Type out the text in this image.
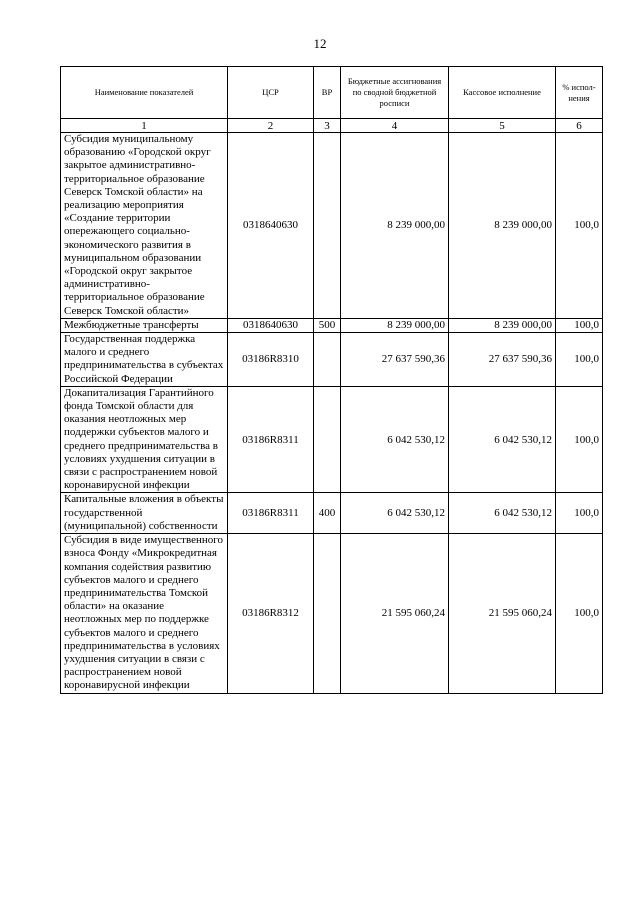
12
Наименование показателей	ЦСР	ВР	Бюджетные ассигнования по сводной бюджетной росписи	Кассовое исполнение	% испол-нения
1	2	3	4	5	6
Субсидия муниципальному образованию «Городской округ закрытое административно-территориальное образование Северск Томской области» на реализацию мероприятия «Создание территории опережающего социально-экономического развития в муниципальном образовании «Городской округ закрытое административно-территориальное образование Северск Томской области»	0318640630		8 239 000,00	8 239 000,00	100,0
Межбюджетные трансферты	0318640630	500	8 239 000,00	8 239 000,00	100,0
Государственная поддержка малого и среднего предпринимательства в субъектах Российской Федерации	03186R8310		27 637 590,36	27 637 590,36	100,0
Докапитализация Гарантийного фонда Томской области для оказания неотложных мер поддержки субъектов малого и среднего предпринимательства в условиях ухудшения ситуации в связи с распространением новой коронавирусной инфекции	03186R8311		6 042 530,12	6 042 530,12	100,0
Капитальные вложения в объекты государственной (муниципальной) собственности	03186R8311	400	6 042 530,12	6 042 530,12	100,0
Субсидия в виде имущественного взноса Фонду «Микрокредитная компания содействия развитию субъектов малого и среднего предпринимательства Томской области» на оказание неотложных мер по поддержке субъектов малого и среднего предпринимательства в условиях ухудшения ситуации в связи с распространением новой коронавирусной инфекции	03186R8312		21 595 060,24	21 595 060,24	100,0
